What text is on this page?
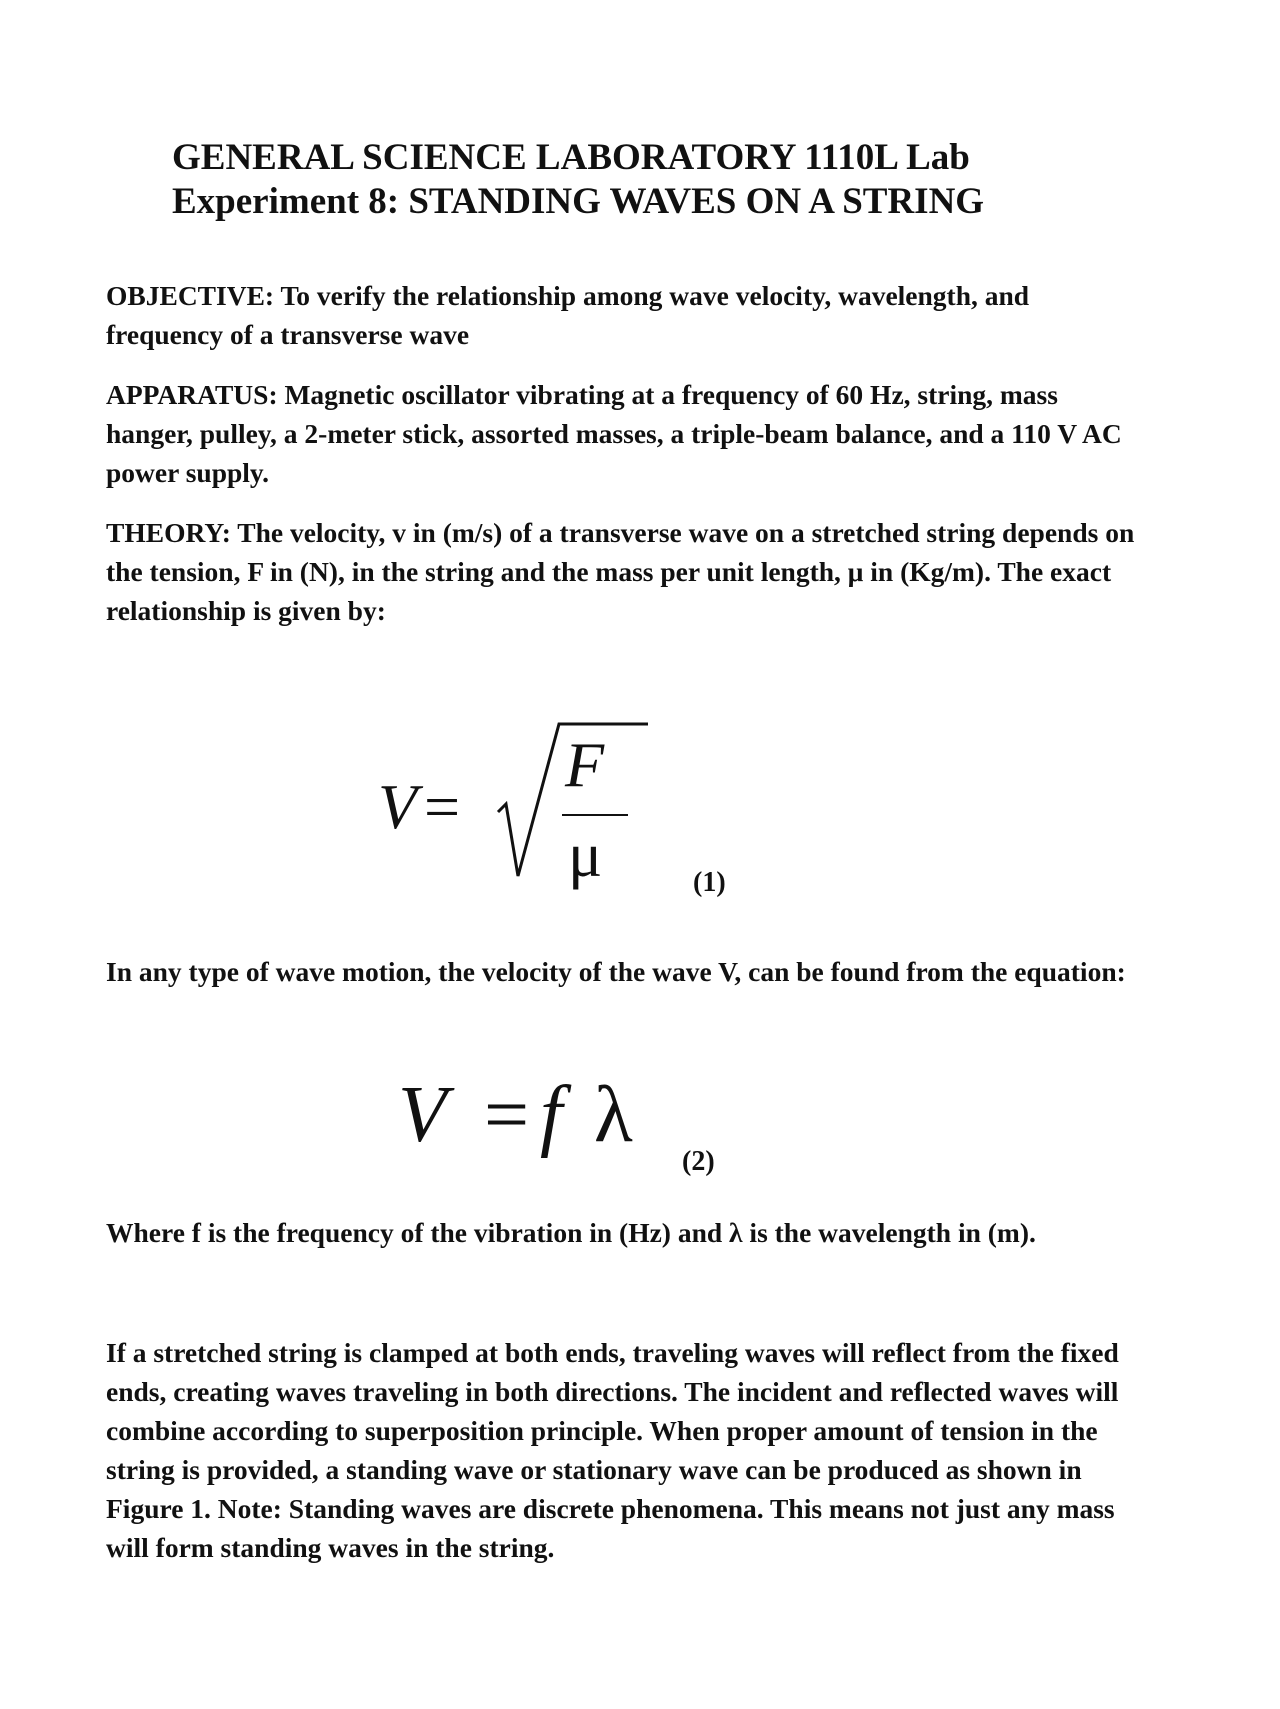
GENERAL SCIENCE LABORATORY 1110L Lab
Experiment 8: STANDING WAVES ON A STRING
OBJECTIVE: To verify the relationship among wave velocity, wavelength, and
frequency of a transverse wave
APPARATUS: Magnetic oscillator vibrating at a frequency of 60 Hz, string, mass
hanger, pulley, a 2-meter stick, assorted masses, a triple-beam balance, and a 110 V AC
power supply.
THEORY: The velocity, v in (m/s) of a transverse wave on a stretched string depends on
the tension, F in (N), in the string and the mass per unit length, μ in (Kg/m). The exact
relationship is given by:
V =
F
μ	(1)
In any type of wave motion, the velocity of the wave V, can be found from the equation:
V = f λ
(2)
Where f is the frequency of the vibration in (Hz) and λ is the wavelength in (m).
If a stretched string is clamped at both ends, traveling waves will reflect from the fixed
ends, creating waves traveling in both directions. The incident and reflected waves will
combine according to superposition principle. When proper amount of tension in the
string is provided, a standing wave or stationary wave can be produced as shown in
Figure 1. Note: Standing waves are discrete phenomena. This means not just any mass
will form standing waves in the string.
